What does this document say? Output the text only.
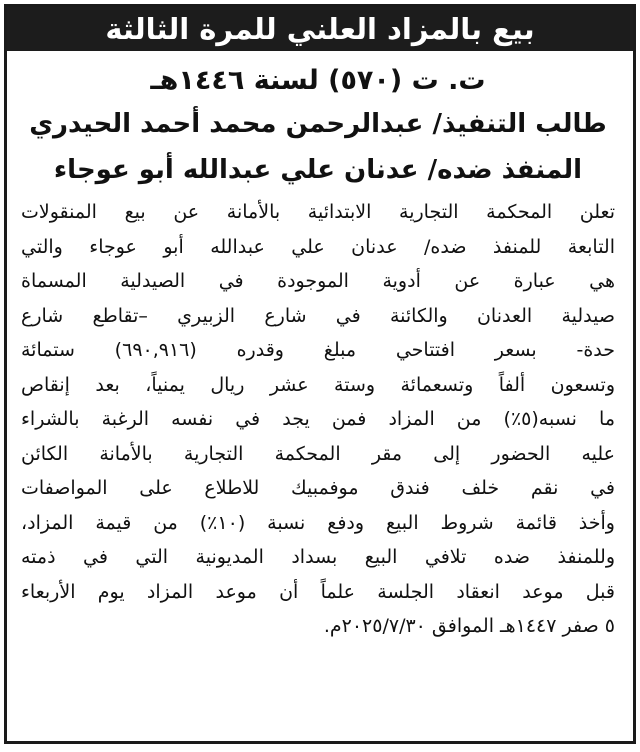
بيع بالمزاد العلني للمرة الثالثة
ت. ت (٥٧٠) لسنة ١٤٤٦هـ
طالب التنفيذ/ عبدالرحمن محمد أحمد الحيدري
المنفذ ضده/ عدنان علي عبدالله أبو عوجاء
تعلن المحكمة التجارية الابتدائية بالأمانة عن بيع المنقولات
التابعة للمنفذ ضده/ عدنان علي عبدالله أبو عوجاء والتي
هي عبارة عن أدوية الموجودة في الصيدلية المسماة
صيدلية العدنان والكائنة في شارع الزبيري –تقاطع شارع
حدة- بسعر افتتاحي مبلغ وقدره (٦٩٠,٩١٦) ستمائة
وتسعون ألفاً وتسعمائة وستة عشر ريال يمنياً، بعد إنقاص
ما نسبه(٥٪) من المزاد فمن يجد في نفسه الرغبة بالشراء
عليه الحضور إلى مقر المحكمة التجارية بالأمانة الكائن
في نقم خلف فندق موفمبيك للاطلاع على المواصفات
وأخذ قائمة شروط البيع ودفع نسبة (١٠٪) من قيمة المزاد،
وللمنفذ ضده تلافي البيع بسداد المديونية التي في ذمته
قبل موعد انعقاد الجلسة علماً أن موعد المزاد يوم الأربعاء
٥ صفر ١٤٤٧هـ الموافق ٢٠٢٥/٧/٣٠م.
